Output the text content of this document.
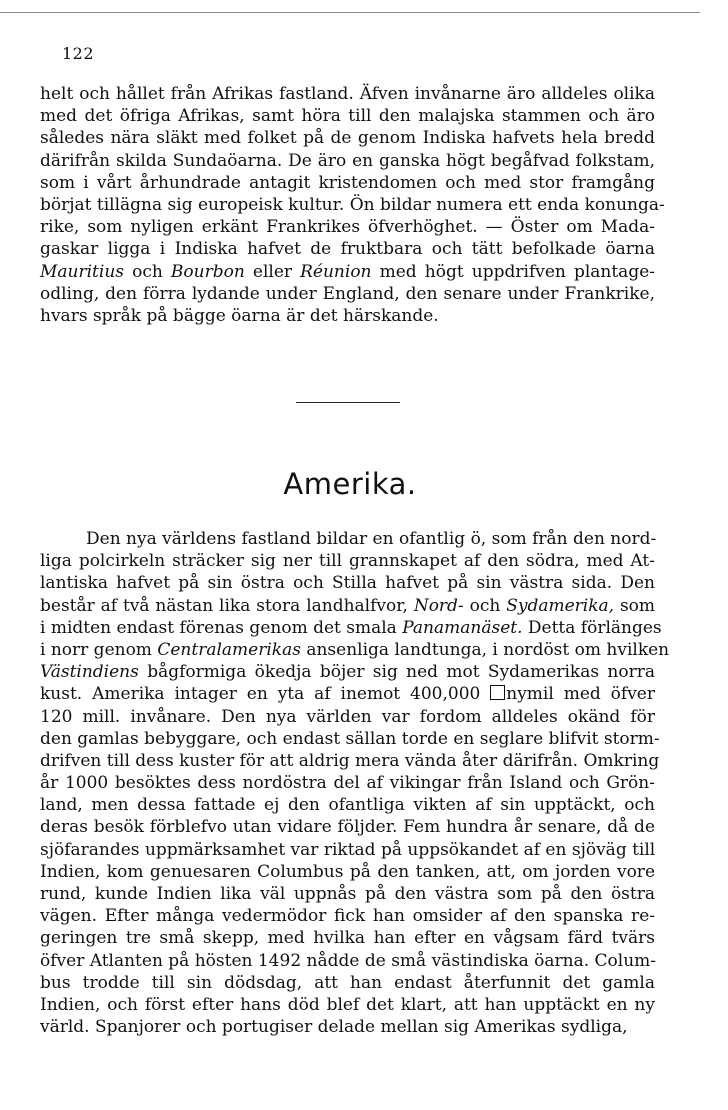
122
helt och hållet från Afrikas fastland. Äfven invånarne äro alldeles olika
med det öfriga Afrikas, samt höra till den malajska stammen och äro
således nära släkt med folket på de genom Indiska hafvets hela bredd
därifrån skilda Sundaöarna. De äro en ganska högt begåfvad folkstam,
som i vårt århundrade antagit kristendomen och med stor framgång
börjat tillägna sig europeisk kultur. Ön bildar numera ett enda konunga-
rike, som nyligen erkänt Frankrikes öfverhöghet. — Öster om Mada-
gaskar ligga i Indiska hafvet de fruktbara och tätt befolkade öarna
Mauritius och Bourbon eller Réunion med högt uppdrifven plantage-
odling, den förra lydande under England, den senare under Frankrike,
hvars språk på bägge öarna är det härskande.
Amerika.
Den nya världens fastland bildar en ofantlig ö, som från den nord-
liga polcirkeln sträcker sig ner till grannskapet af den södra, med At-
lantiska hafvet på sin östra och Stilla hafvet på sin västra sida. Den
består af två nästan lika stora landhalfvor, Nord- och Sydamerika, som
i midten endast förenas genom det smala Panamanäset. Detta förlänges
i norr genom Centralamerikas ansenliga landtunga, i nordöst om hvilken
Västindiens bågformiga ökedja böjer sig ned mot Sydamerikas norra
kust. Amerika intager en yta af inemot 400,000 nymil med öfver
120 mill. invånare. Den nya världen var fordom alldeles okänd för
den gamlas bebyggare, och endast sällan torde en seglare blifvit storm-
drifven till dess kuster för att aldrig mera vända åter därifrån. Omkring
år 1000 besöktes dess nordöstra del af vikingar från Island och Grön-
land, men dessa fattade ej den ofantliga vikten af sin upptäckt, och
deras besök förblefvo utan vidare följder. Fem hundra år senare, då de
sjöfarandes uppmärksamhet var riktad på uppsökandet af en sjöväg till
Indien, kom genuesaren Columbus på den tanken, att, om jorden vore
rund, kunde Indien lika väl uppnås på den västra som på den östra
vägen. Efter många vedermödor fick han omsider af den spanska re-
geringen tre små skepp, med hvilka han efter en vågsam färd tvärs
öfver Atlanten på hösten 1492 nådde de små västindiska öarna. Colum-
bus trodde till sin dödsdag, att han endast återfunnit det gamla
Indien, och först efter hans död blef det klart, att han upptäckt en ny
värld. Spanjorer och portugiser delade mellan sig Amerikas sydliga,
